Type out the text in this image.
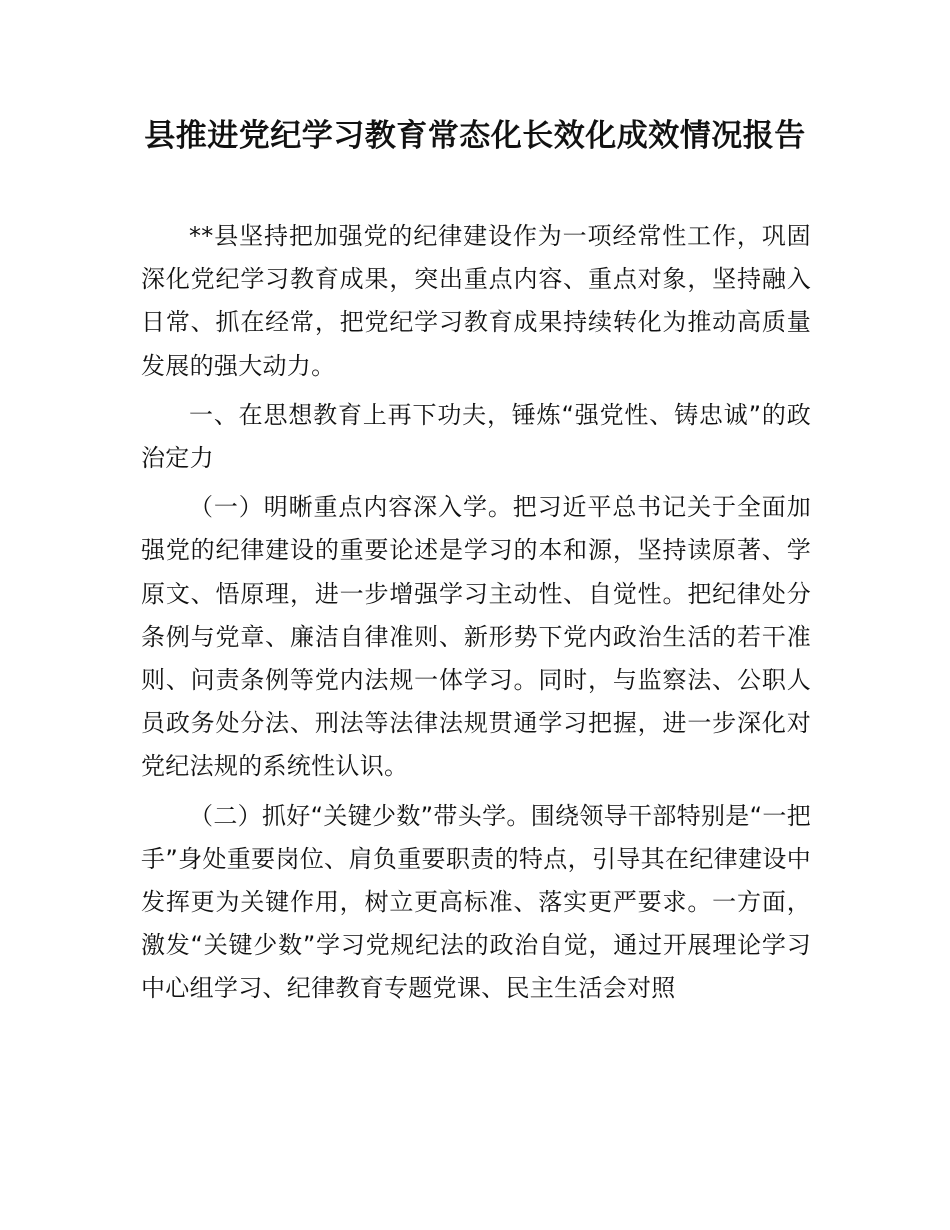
县推进党纪学习教育常态化长效化成效情况报告

**县坚持把加强党的纪律建设作为一项经常性工作，巩固深化党纪学习教育成果，突出重点内容、重点对象，坚持融入日常、抓在经常，把党纪学习教育成果持续转化为推动高质量发展的强大动力。

一、在思想教育上再下功夫，锤炼“强党性、铸忠诚”的政治定力

（一）明晰重点内容深入学。把习近平总书记关于全面加强党的纪律建设的重要论述是学习的本和源，坚持读原著、学原文、悟原理，进一步增强学习主动性、自觉性。把纪律处分条例与党章、廉洁自律准则、新形势下党内政治生活的若干准则、问责条例等党内法规一体学习。同时，与监察法、公职人员政务处分法、刑法等法律法规贯通学习把握，进一步深化对党纪法规的系统性认识。

（二）抓好“关键少数”带头学。围绕领导干部特别是“一把手”身处重要岗位、肩负重要职责的特点，引导其在纪律建设中发挥更为关键作用，树立更高标准、落实更严要求。一方面，激发“关键少数”学习党规纪法的政治自觉，通过开展理论学习中心组学习、纪律教育专题党课、民主生活会对照
